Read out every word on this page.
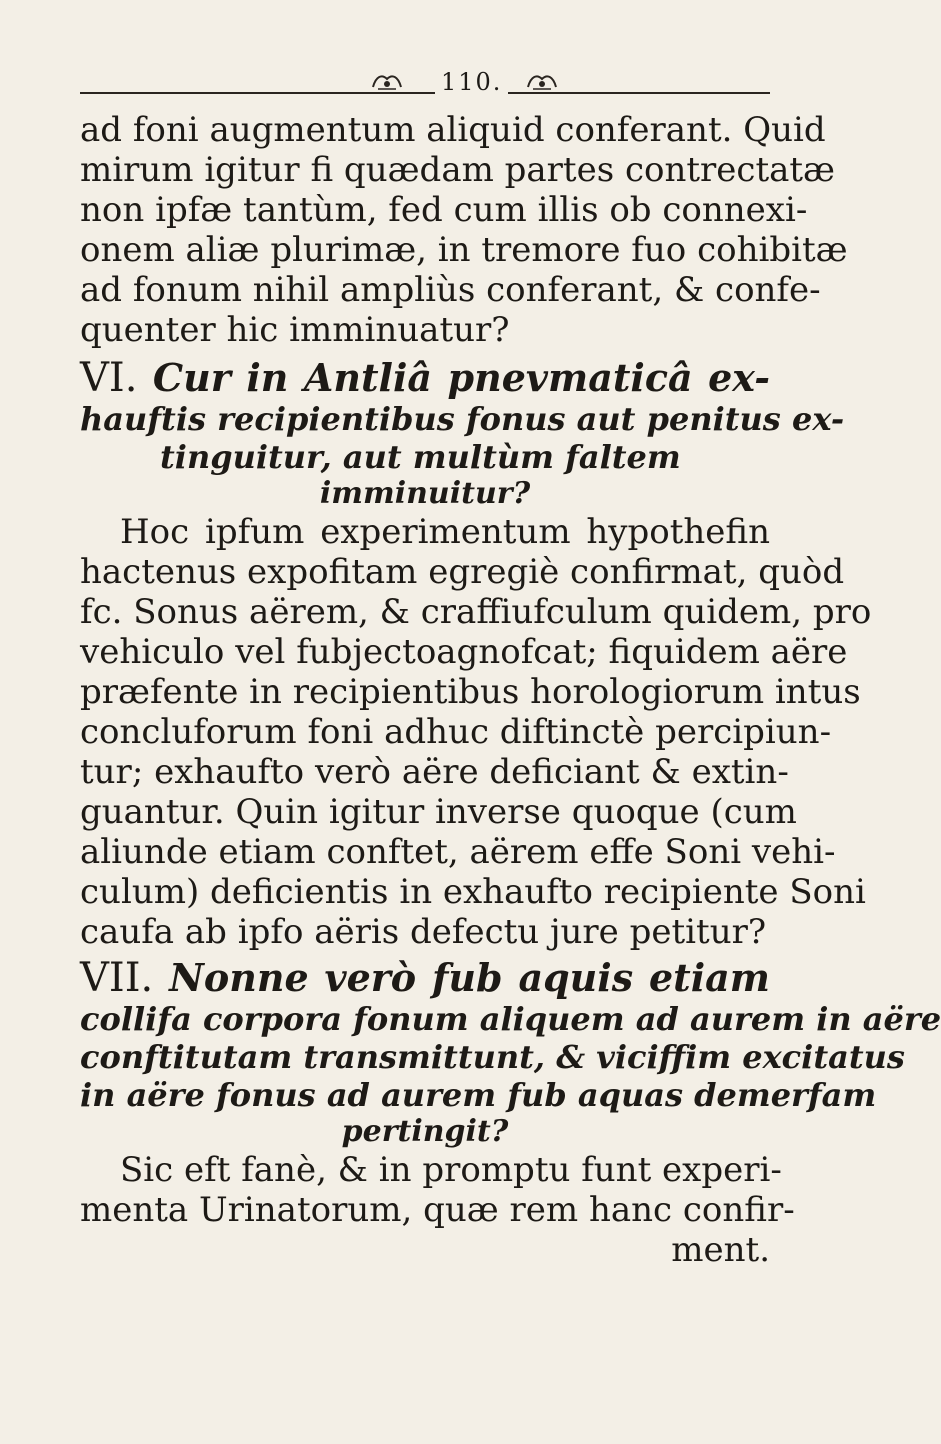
110.
ad foni augmentum aliquid conferant. Quid
mirum igitur fi quædam partes contrectatæ
non ipfæ tantùm, fed cum illis ob connexi-
onem aliæ plurimæ, in tremore fuo cohibitæ
ad fonum nihil ampliùs conferant, & confe-
quenter hic imminuatur?
VI. Cur in Antliâ pnevmaticâ ex-
hauftis recipientibus fonus aut penitus ex-
tinguitur, aut multùm faltem
imminuitur?
Hoc ipfum experimentum hypothefin
hactenus expofitam egregiè confirmat, quòd
fc. Sonus aërem, & craffiufculum quidem, pro
vehiculo vel fubjectoagnofcat; fiquidem aëre
præfente in recipientibus horologiorum intus
concluforum foni adhuc diftinctè percipiun-
tur; exhaufto verò aëre deficiant & extin-
guantur. Quin igitur inverse quoque (cum
aliunde etiam conftet, aërem effe Soni vehi-
culum) deficientis in exhaufto recipiente Soni
caufa ab ipfo aëris defectu jure petitur?
VII. Nonne verò fub aquis etiam
collifa corpora fonum aliquem ad aurem in aëre
conftitutam transmittunt, & viciffim excitatus
in aëre fonus ad aurem fub aquas demerfam
pertingit?
Sic eft fanè, & in promptu funt experi-
menta Urinatorum, quæ rem hanc confir-
ment.
